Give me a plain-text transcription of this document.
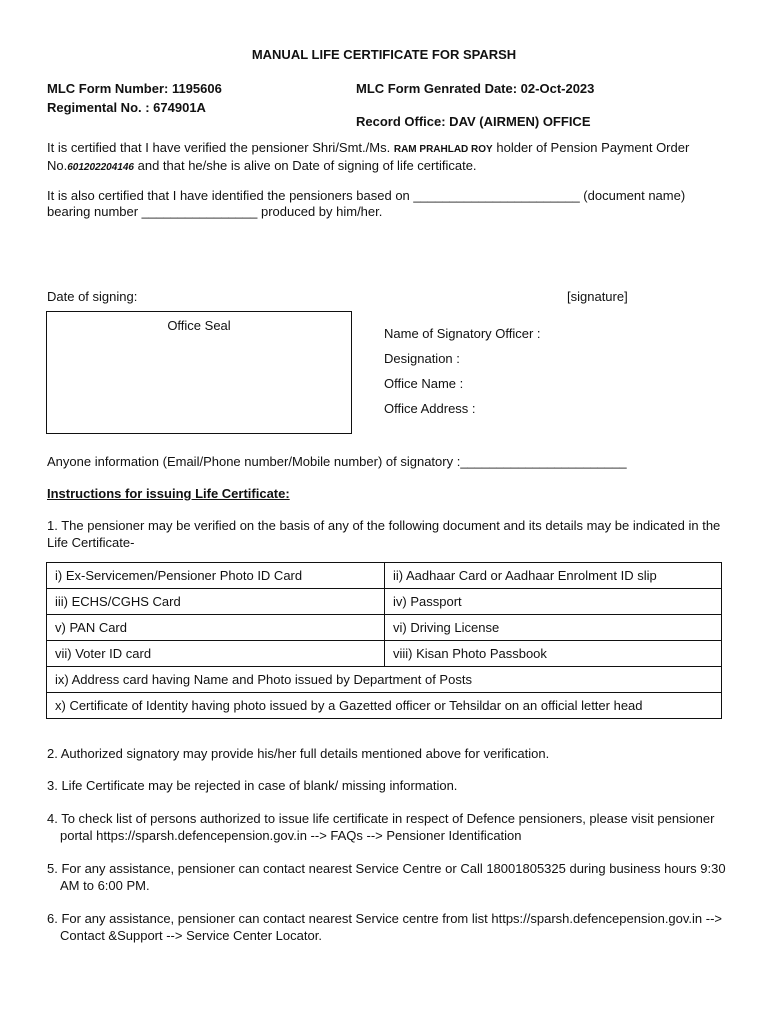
MANUAL LIFE CERTIFICATE FOR SPARSH
MLC Form Number: 1195606	MLC Form Genrated Date: 02-Oct-2023
Regimental No. : 674901A
Record Office: DAV (AIRMEN) OFFICE
It is certified that I have verified the pensioner Shri/Smt./Ms. RAM PRAHLAD ROY holder of Pension Payment Order
No.601202204146 and that he/she is alive on Date of signing of life certificate.
It is also certified that I have identified the pensioners based on _______________________ (document name)
bearing number ________________ produced by him/her.
Date of signing:	[signature]
Office Seal
Name of Signatory Officer :
Designation :
Office Name :
Office Address :
Anyone information (Email/Phone number/Mobile number) of signatory :_______________________
Instructions for issuing Life Certificate:
1. The pensioner may be verified on the basis of any of the following document and its details may be indicated in the
Life Certificate-
i) Ex-Servicemen/Pensioner Photo ID Card	ii) Aadhaar Card or Aadhaar Enrolment ID slip
iii) ECHS/CGHS Card	iv) Passport
v) PAN Card	vi) Driving License
vii) Voter ID card	viii) Kisan Photo Passbook
ix) Address card having Name and Photo issued by Department of Posts	
x) Certificate of Identity having photo issued by a Gazetted officer or Tehsildar on an official letter head	
2. Authorized signatory may provide his/her full details mentioned above for verification.
3. Life Certificate may be rejected in case of blank/ missing information.
4. To check list of persons authorized to issue life certificate in respect of Defence pensioners, please visit pensioner
portal https://sparsh.defencepension.gov.in --> FAQs --> Pensioner Identification
5. For any assistance, pensioner can contact nearest Service Centre or Call 18001805325 during business hours 9:30
AM to 6:00 PM.
6. For any assistance, pensioner can contact nearest Service centre from list https://sparsh.defencepension.gov.in -->
Contact &Support --> Service Center Locator.
